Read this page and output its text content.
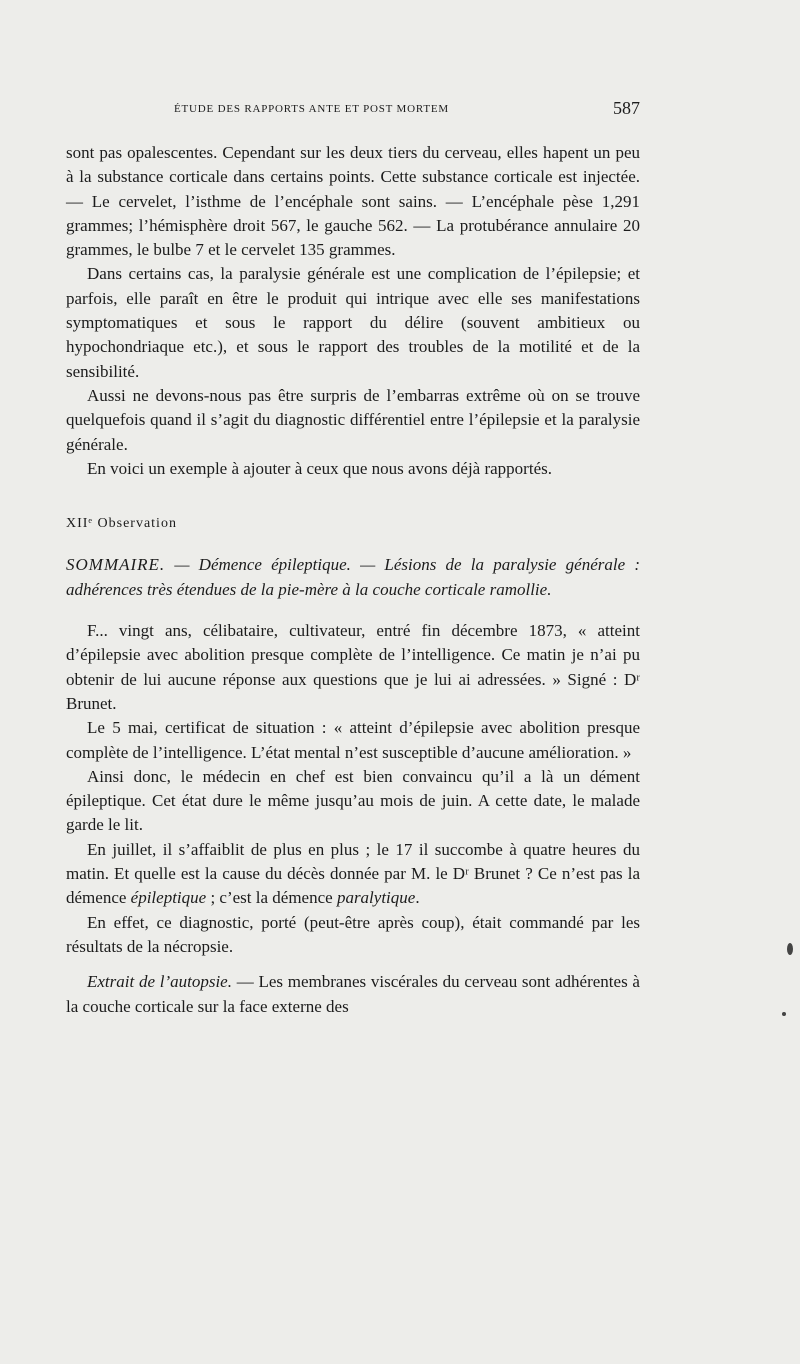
ÉTUDE DES RAPPORTS ANTE ET POST MORTEM	587

sont pas opalescentes. Cependant sur les deux tiers du cerveau, elles hapent un peu à la substance corticale dans certains points. Cette substance corticale est injectée. — Le cervelet, l’isthme de l’encéphale sont sains. — L’encéphale pèse 1,291 grammes; l’hémisphère droit 567, le gauche 562. — La protubérance annulaire 20 grammes, le bulbe 7 et le cervelet 135 grammes.

Dans certains cas, la paralysie générale est une complication de l’épilepsie; et parfois, elle paraît en être le produit qui intrique avec elle ses manifestations symptomatiques et sous le rapport du délire (souvent ambitieux ou hypochondriaque etc.), et sous le rapport des troubles de la motilité et de la sensibilité.

Aussi ne devons-nous pas être surpris de l’embarras extrême où on se trouve quelquefois quand il s’agit du diagnostic différentiel entre l’épilepsie et la paralysie générale.

En voici un exemple à ajouter à ceux que nous avons déjà rapportés.

XIIᵉ Observation

SOMMAIRE. — Démence épileptique. — Lésions de la paralysie générale : adhérences très étendues de la pie-mère à la couche corticale ramollie.

F... vingt ans, célibataire, cultivateur, entré fin décembre 1873, « atteint d’épilepsie avec abolition presque complète de l’intelligence. Ce matin je n’ai pu obtenir de lui aucune réponse aux questions que je lui ai adressées. » Signé : Dʳ Brunet.

Le 5 mai, certificat de situation : « atteint d’épilepsie avec abolition presque complète de l’intelligence. L’état mental n’est susceptible d’aucune amélioration. »

Ainsi donc, le médecin en chef est bien convaincu qu’il a là un dément épileptique. Cet état dure le même jusqu’au mois de juin. A cette date, le malade garde le lit.

En juillet, il s’affaiblit de plus en plus ; le 17 il succombe à quatre heures du matin. Et quelle est la cause du décès donnée par M. le Dʳ Brunet ? Ce n’est pas la démence épileptique ; c’est la démence paralytique.

En effet, ce diagnostic, porté (peut-être après coup), était commandé par les résultats de la nécropsie.

Extrait de l’autopsie. — Les membranes viscérales du cerveau sont adhérentes à la couche corticale sur la face externe des
